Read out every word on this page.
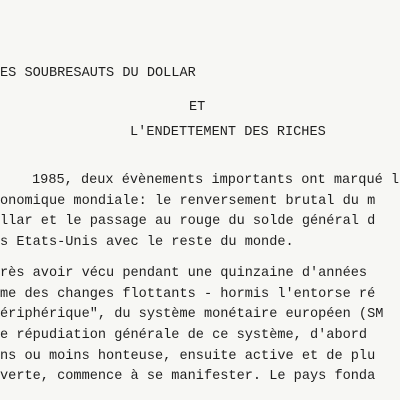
ES SOUBRESAUTS DU DOLLAR
ET
L'ENDETTEMENT DES RICHES
1985, deux évènements importants ont marqué l
onomique mondiale: le renversement brutal du m
llar et le passage au rouge du solde général d
s Etats-Unis avec le reste du monde.
rès avoir vécu pendant une quinzaine d'années
me des changes flottants - hormis l'entorse ré
ériphérique", du système monétaire européen (SM
e répudiation générale de ce système, d'abord
ns ou moins honteuse, ensuite active et de plu
verte, commence à se manifester. Le pays fonda
